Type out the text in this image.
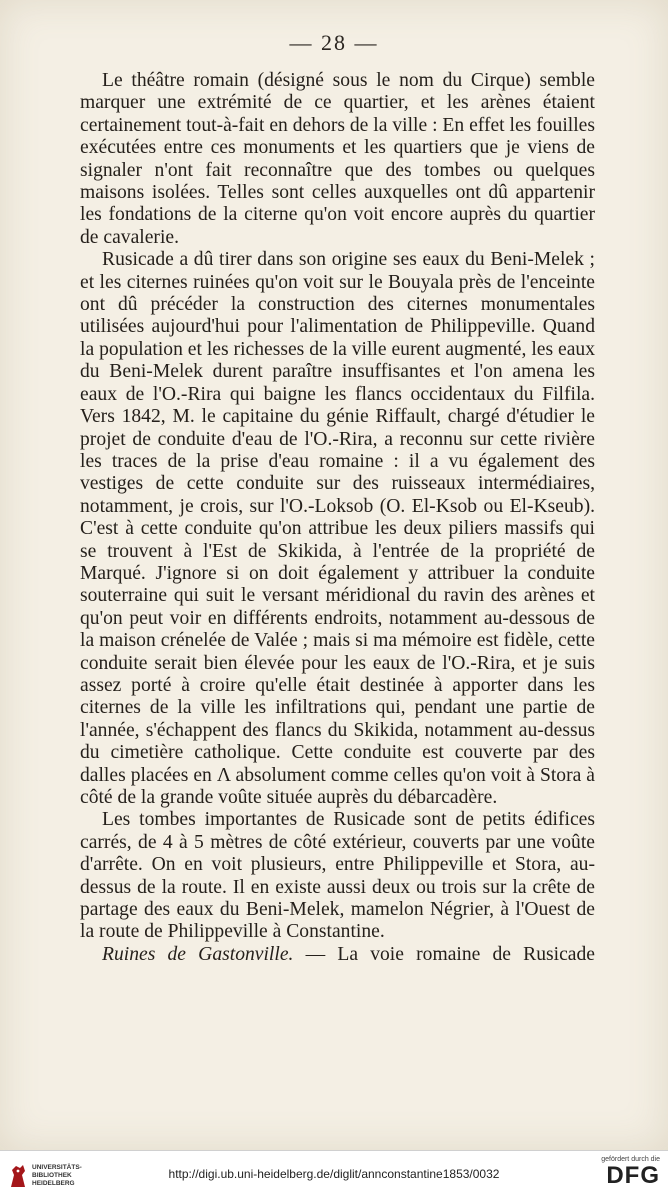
— 28 —

Le théâtre romain (désigné sous le nom du Cirque) semble marquer une extrémité de ce quartier, et les arènes étaient certainement tout-à-fait en dehors de la ville : En effet les fouilles exécutées entre ces monuments et les quartiers que je viens de signaler n'ont fait reconnaître que des tombes ou quelques maisons isolées. Telles sont celles auxquelles ont dû appartenir les fondations de la citerne qu'on voit encore auprès du quartier de cavalerie.

Rusicade a dû tirer dans son origine ses eaux du Beni-Melek ; et les citernes ruinées qu'on voit sur le Bouyala près de l'enceinte ont dû précéder la construction des citernes monumentales utilisées aujourd'hui pour l'alimentation de Philippeville. Quand la population et les richesses de la ville eurent augmenté, les eaux du Beni-Melek durent paraître insuffisantes et l'on amena les eaux de l'O.-Rira qui baigne les flancs occidentaux du Filfila. Vers 1842, M. le capitaine du génie Riffault, chargé d'étudier le projet de conduite d'eau de l'O.-Rira, a reconnu sur cette rivière les traces de la prise d'eau romaine : il a vu également des vestiges de cette conduite sur des ruisseaux intermédiaires, notamment, je crois, sur l'O.-Loksob (O. El-Ksob ou El-Kseub). C'est à cette conduite qu'on attribue les deux piliers massifs qui se trouvent à l'Est de Skikida, à l'entrée de la propriété de Marqué. J'ignore si on doit également y attribuer la conduite souterraine qui suit le versant méridional du ravin des arènes et qu'on peut voir en différents endroits, notamment au-dessous de la maison crénelée de Valée ; mais si ma mémoire est fidèle, cette conduite serait bien élevée pour les eaux de l'O.-Rira, et je suis assez porté à croire qu'elle était destinée à apporter dans les citernes de la ville les infiltrations qui, pendant une partie de l'année, s'échappent des flancs du Skikida, notamment au-dessus du cimetière catholique. Cette conduite est couverte par des dalles placées en Λ absolument comme celles qu'on voit à Stora à côté de la grande voûte située auprès du débarcadère.

Les tombes importantes de Rusicade sont de petits édifices carrés, de 4 à 5 mètres de côté extérieur, couverts par une voûte d'arrête. On en voit plusieurs, entre Philippeville et Stora, au-dessus de la route. Il en existe aussi deux ou trois sur la crête de partage des eaux du Beni-Melek, mamelon Négrier, à l'Ouest de la route de Philippeville à Constantine.

Ruines de Gastonville. — La voie romaine de Rusicade

UNIVERSITÄTS-
BIBLIOTHEK
HEIDELBERG
http://digi.ub.uni-heidelberg.de/diglit/annconstantine1853/0032
gefördert durch die
DFG
